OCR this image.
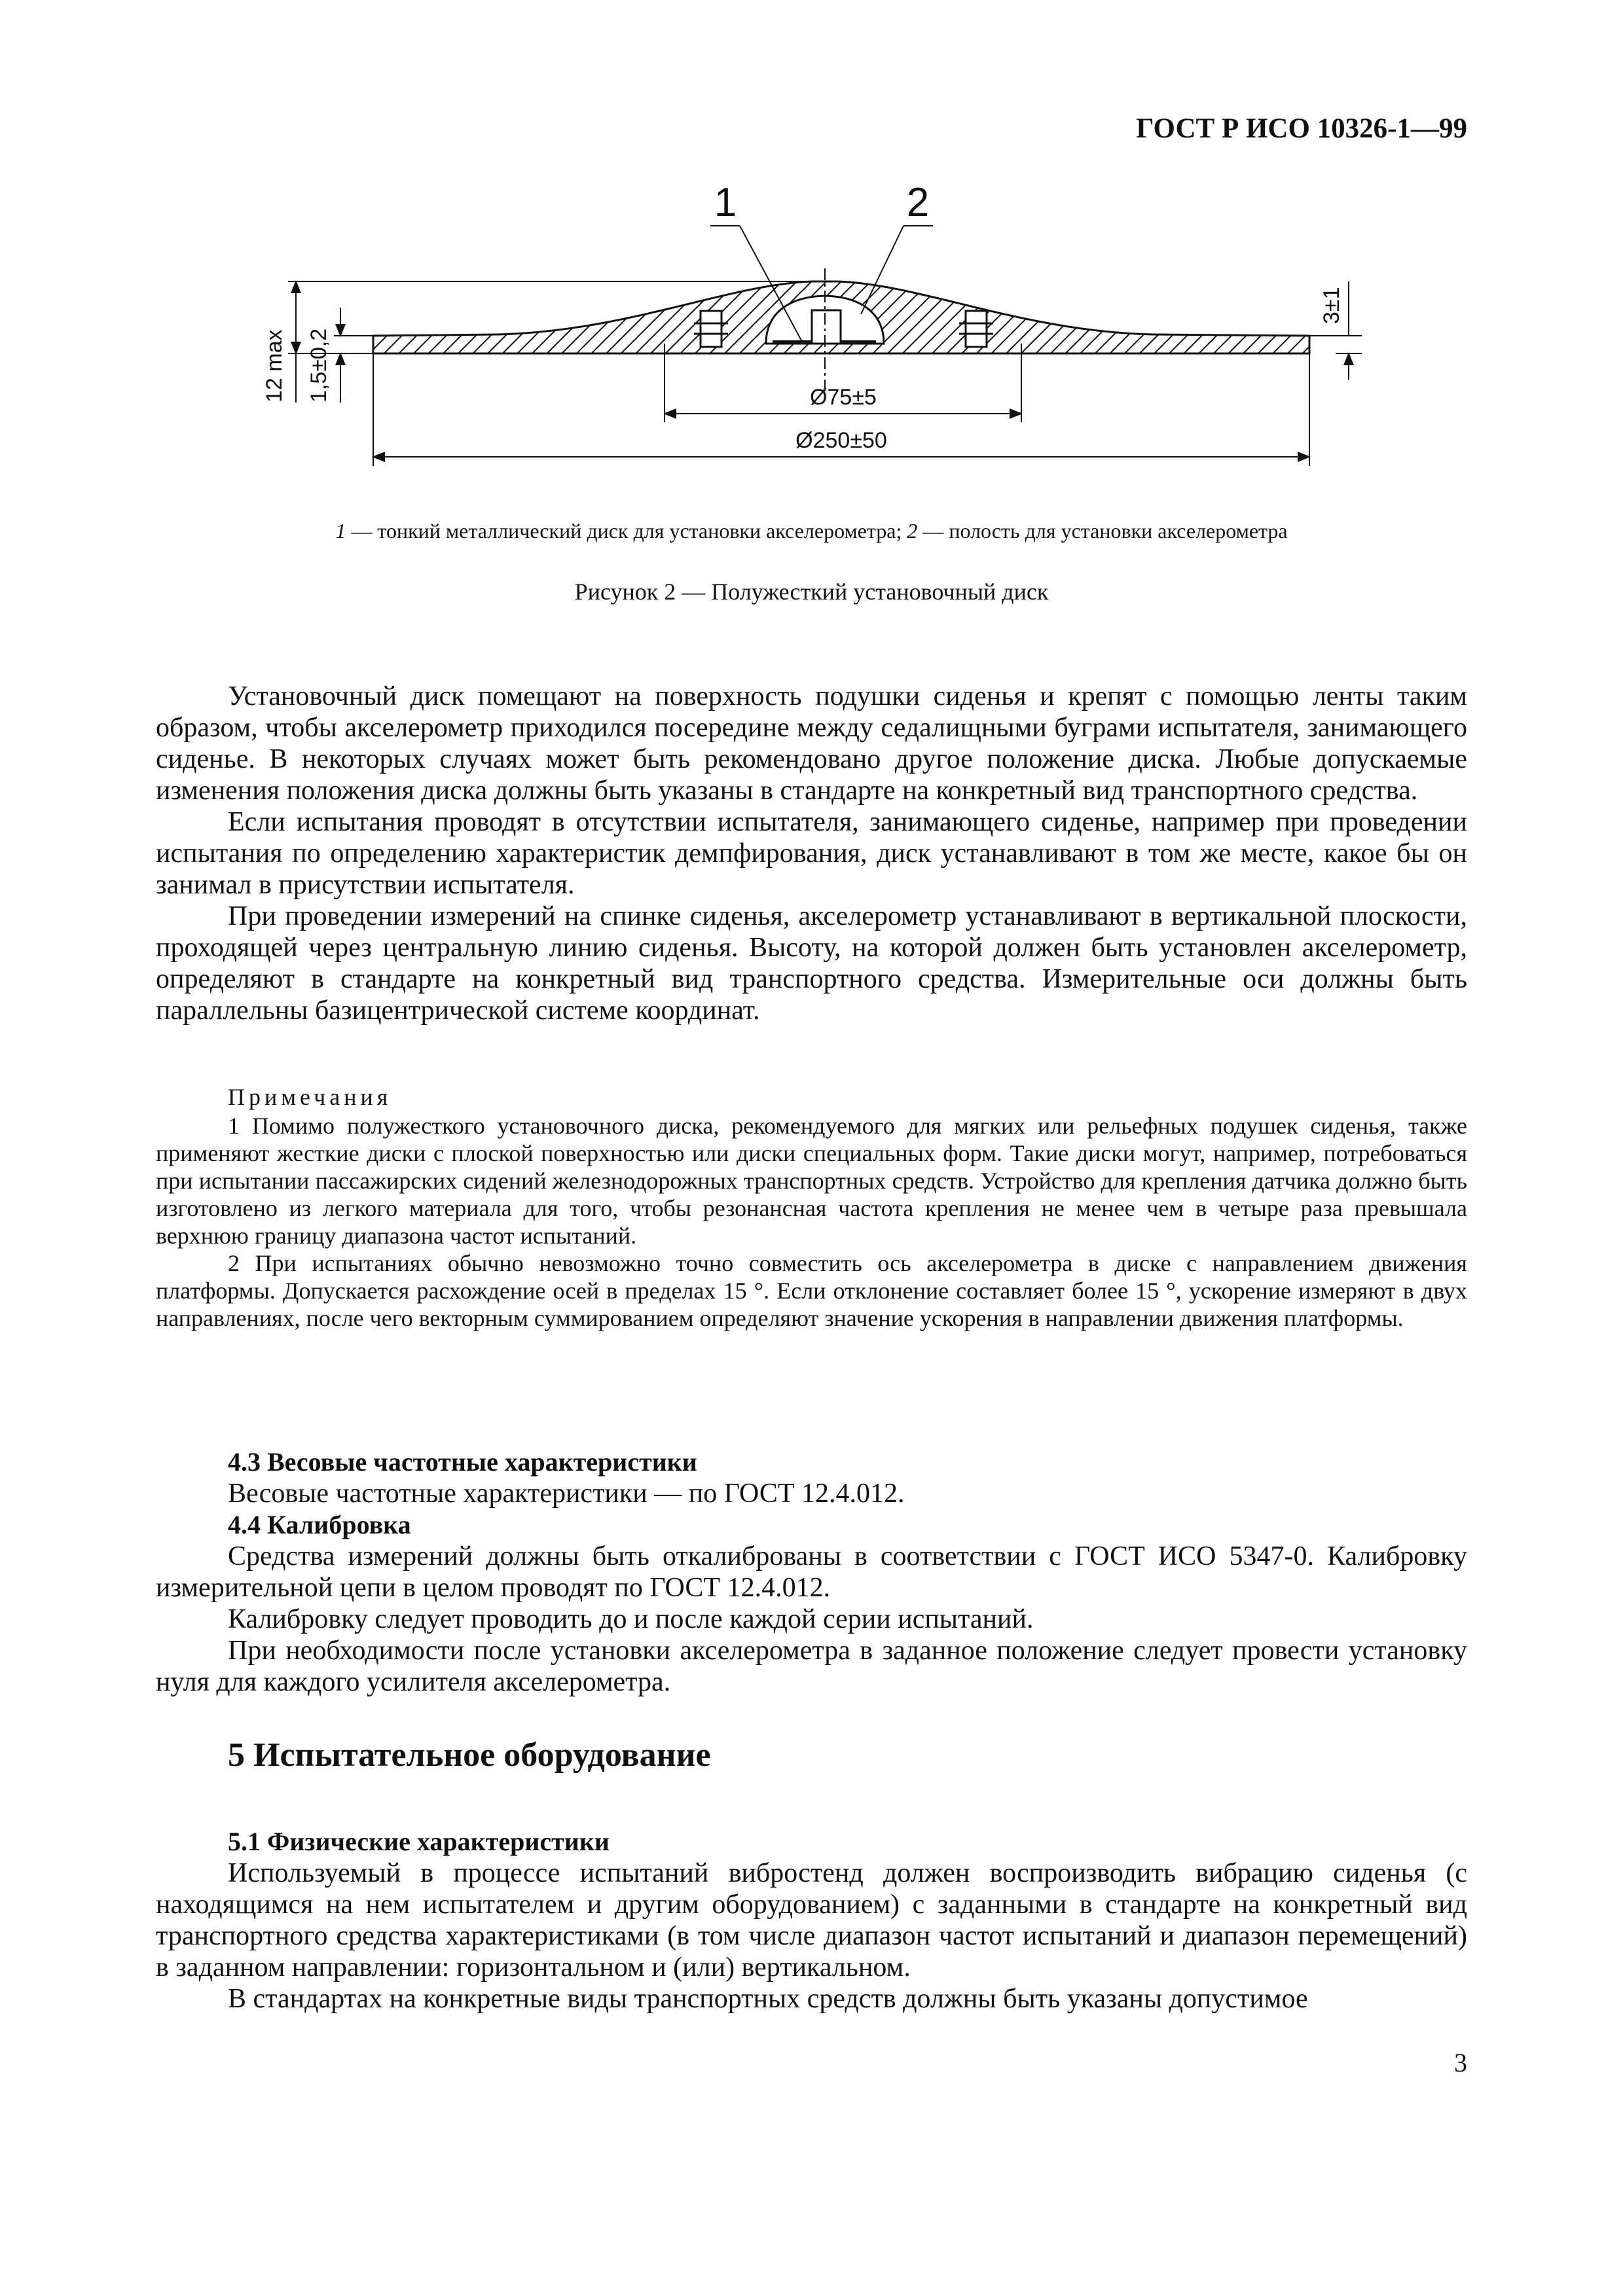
ГОСТ Р ИСО 10326-1—99
1	2
12 max 1,5±0,2
3±1
Ø75±5
Ø250±50
1 — тонкий металлический диск для установки акселерометра; 2 — полость для установки акселерометра
Рисунок 2 — Полужесткий установочный диск

Установочный диск помещают на поверхность подушки сиденья и крепят с помощью ленты таким образом, чтобы акселерометр приходился посередине между седалищными буграми испытателя, занимающего сиденье. В некоторых случаях может быть рекомендовано другое положение диска. Любые допускаемые изменения положения диска должны быть указаны в стандарте на конкретный вид транспортного средства.

Если испытания проводят в отсутствии испытателя, занимающего сиденье, например при проведении испытания по определению характеристик демпфирования, диск устанавливают в том же месте, какое бы он занимал в присутствии испытателя.

При проведении измерений на спинке сиденья, акселерометр устанавливают в вертикальной плоскости, проходящей через центральную линию сиденья. Высоту, на которой должен быть установлен акселерометр, определяют в стандарте на конкретный вид транспортного средства. Измерительные оси должны быть параллельны базицентрической системе координат.

Примечания

1 Помимо полужесткого установочного диска, рекомендуемого для мягких или рельефных подушек сиденья, также применяют жесткие диски с плоской поверхностью или диски специальных форм. Такие диски могут, например, потребоваться при испытании пассажирских сидений железнодорожных транспортных средств. Устройство для крепления датчика должно быть изготовлено из легкого материала для того, чтобы резонансная частота крепления не менее чем в четыре раза превышала верхнюю границу диапазона частот испытаний.

2 При испытаниях обычно невозможно точно совместить ось акселерометра в диске с направлением движения платформы. Допускается расхождение осей в пределах 15 °. Если отклонение составляет более 15 °, ускорение измеряют в двух направлениях, после чего векторным суммированием определяют значение ускорения в направлении движения платформы.

4.3 Весовые частотные характеристики

Весовые частотные характеристики — по ГОСТ 12.4.012.

4.4 Калибровка

Средства измерений должны быть откалиброваны в соответствии с ГОСТ ИСО 5347-0. Калибровку измерительной цепи в целом проводят по ГОСТ 12.4.012.

Калибровку следует проводить до и после каждой серии испытаний.

При необходимости после установки акселерометра в заданное положение следует провести установку нуля для каждого усилителя акселерометра.

5 Испытательное оборудование

5.1 Физические характеристики

Используемый в процессе испытаний вибростенд должен воспроизводить вибрацию сиденья (с находящимся на нем испытателем и другим оборудованием) с заданными в стандарте на конкретный вид транспортного средства характеристиками (в том числе диапазон частот испытаний и диапазон перемещений) в заданном направлении: горизонтальном и (или) вертикальном.

В стандартах на конкретные виды транспортных средств должны быть указаны допустимое

3
